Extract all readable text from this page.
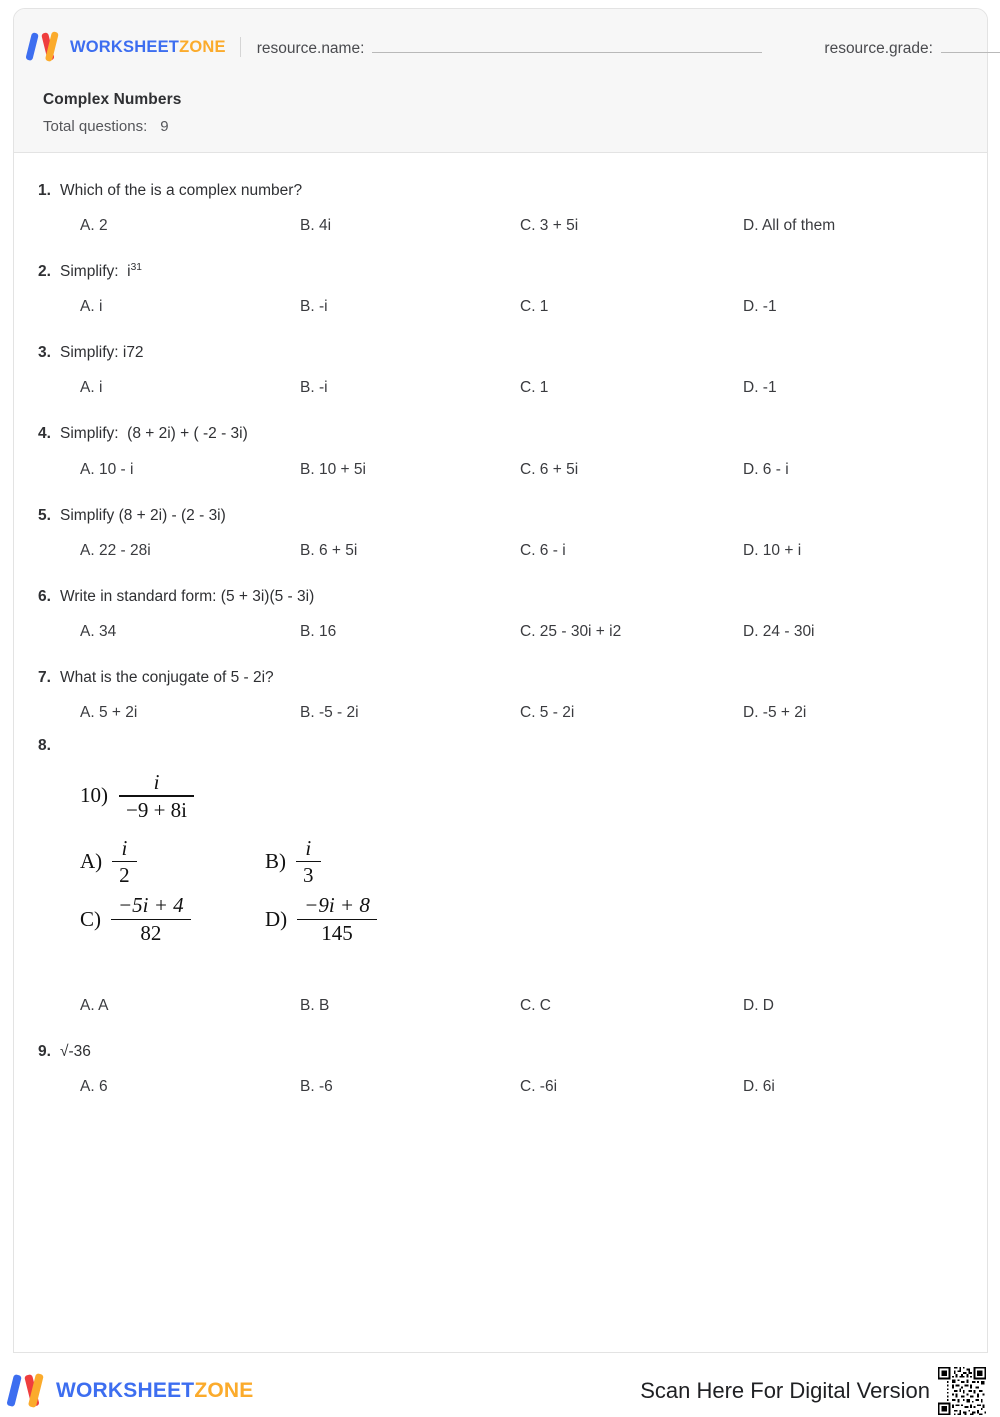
WORKSHEETZONE resource.name:	resource.grade:
Complex Numbers
Total questions: 9
1. Which of the is a complex number?
A. 2	B. 4i	C. 3 + 5i	D. All of them
2. Simplify:  $i^{31}$
A. i	B. -i	C. 1	D. -1
3. Simplify: i72
A. i	B. -i	C. 1	D. -1
4. Simplify:  (8 + 2i) + ( -2 - 3i)
A. 10 - i	B. 10 + 5i	C. 6 + 5i	D. 6 - i
5. Simplify (8 + 2i) - (2 - 3i)
A. 22 - 28i	B. 6 + 5i	C. 6 - i	D. 10 + i
6. Write in standard form: (5 + 3i)(5 - 3i)
A. 34	B. 16	C. 25 - 30i + i2	D. 24 - 30i
7. What is the conjugate of 5 - 2i?
A. 5 + 2i	B. -5 - 2i	C. 5 - 2i	D. -5 + 2i
8.
$10) \frac{i}{-9 + 8i}$
$A) \frac{i}{2}$	$B) \frac{i}{3}$
$C) \frac{-5i + 4}{82}$	$D) \frac{-9i + 8}{145}$
A. A	B. B	C. C	D. D
9. √-36
A. 6	B. -6	C. -6i	D. 6i
WORKSHEETZONE	Scan Here For Digital Version
